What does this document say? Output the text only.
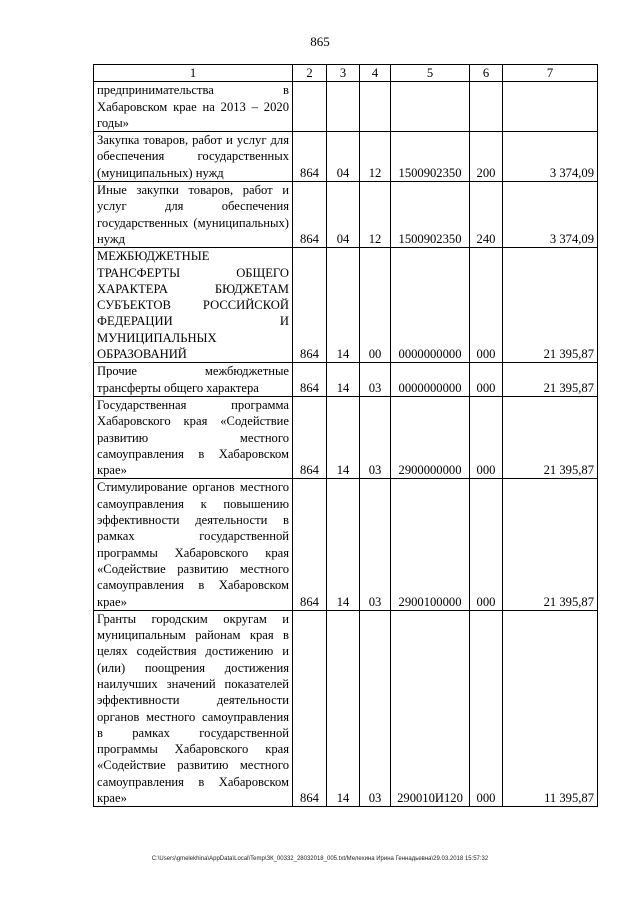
865
1	2	3	4	5	6	7
предпринимательства в Хабаровском крае на 2013 – 2020 годы»						
Закупка товаров, работ и услуг для обеспечения государственных (муниципальных) нужд	864	04	12	1500902350	200	3 374,09
Иные закупки товаров, работ и услуг для обеспечения государственных (муниципальных) нужд	864	04	12	1500902350	240	3 374,09
МЕЖБЮДЖЕТНЫЕ ТРАНСФЕРТЫ ОБЩЕГО ХАРАКТЕРА БЮДЖЕТАМ СУБЪЕКТОВ РОССИЙСКОЙ ФЕДЕРАЦИИ И МУНИЦИПАЛЬНЫХ ОБРАЗОВАНИЙ	864	14	00	0000000000	000	21 395,87
Прочие межбюджетные трансферты общего характера	864	14	03	0000000000	000	21 395,87
Государственная программа Хабаровского края «Содействие развитию местного самоуправления в Хабаровском крае»	864	14	03	2900000000	000	21 395,87
Стимулирование органов местного самоуправления к повышению эффективности деятельности в рамках государственной программы Хабаровского края «Содействие развитию местного самоуправления в Хабаровском крае»	864	14	03	2900100000	000	21 395,87
Гранты городским округам и муниципальным районам края в целях содействия достижению и (или) поощрения достижения наилучших значений показателей эффективности деятельности органов местного самоуправления в рамках государственной программы Хабаровского края «Содействие развитию местного самоуправления в Хабаровском крае»	864	14	03	290010И120	000	11 395,87
C:\Users\gmelekhina\AppData\Local\Temp\ЗК_00332_28032018_005.txt/Мелехина Ирина Геннадьевна\29.03.2018 15:57:32
